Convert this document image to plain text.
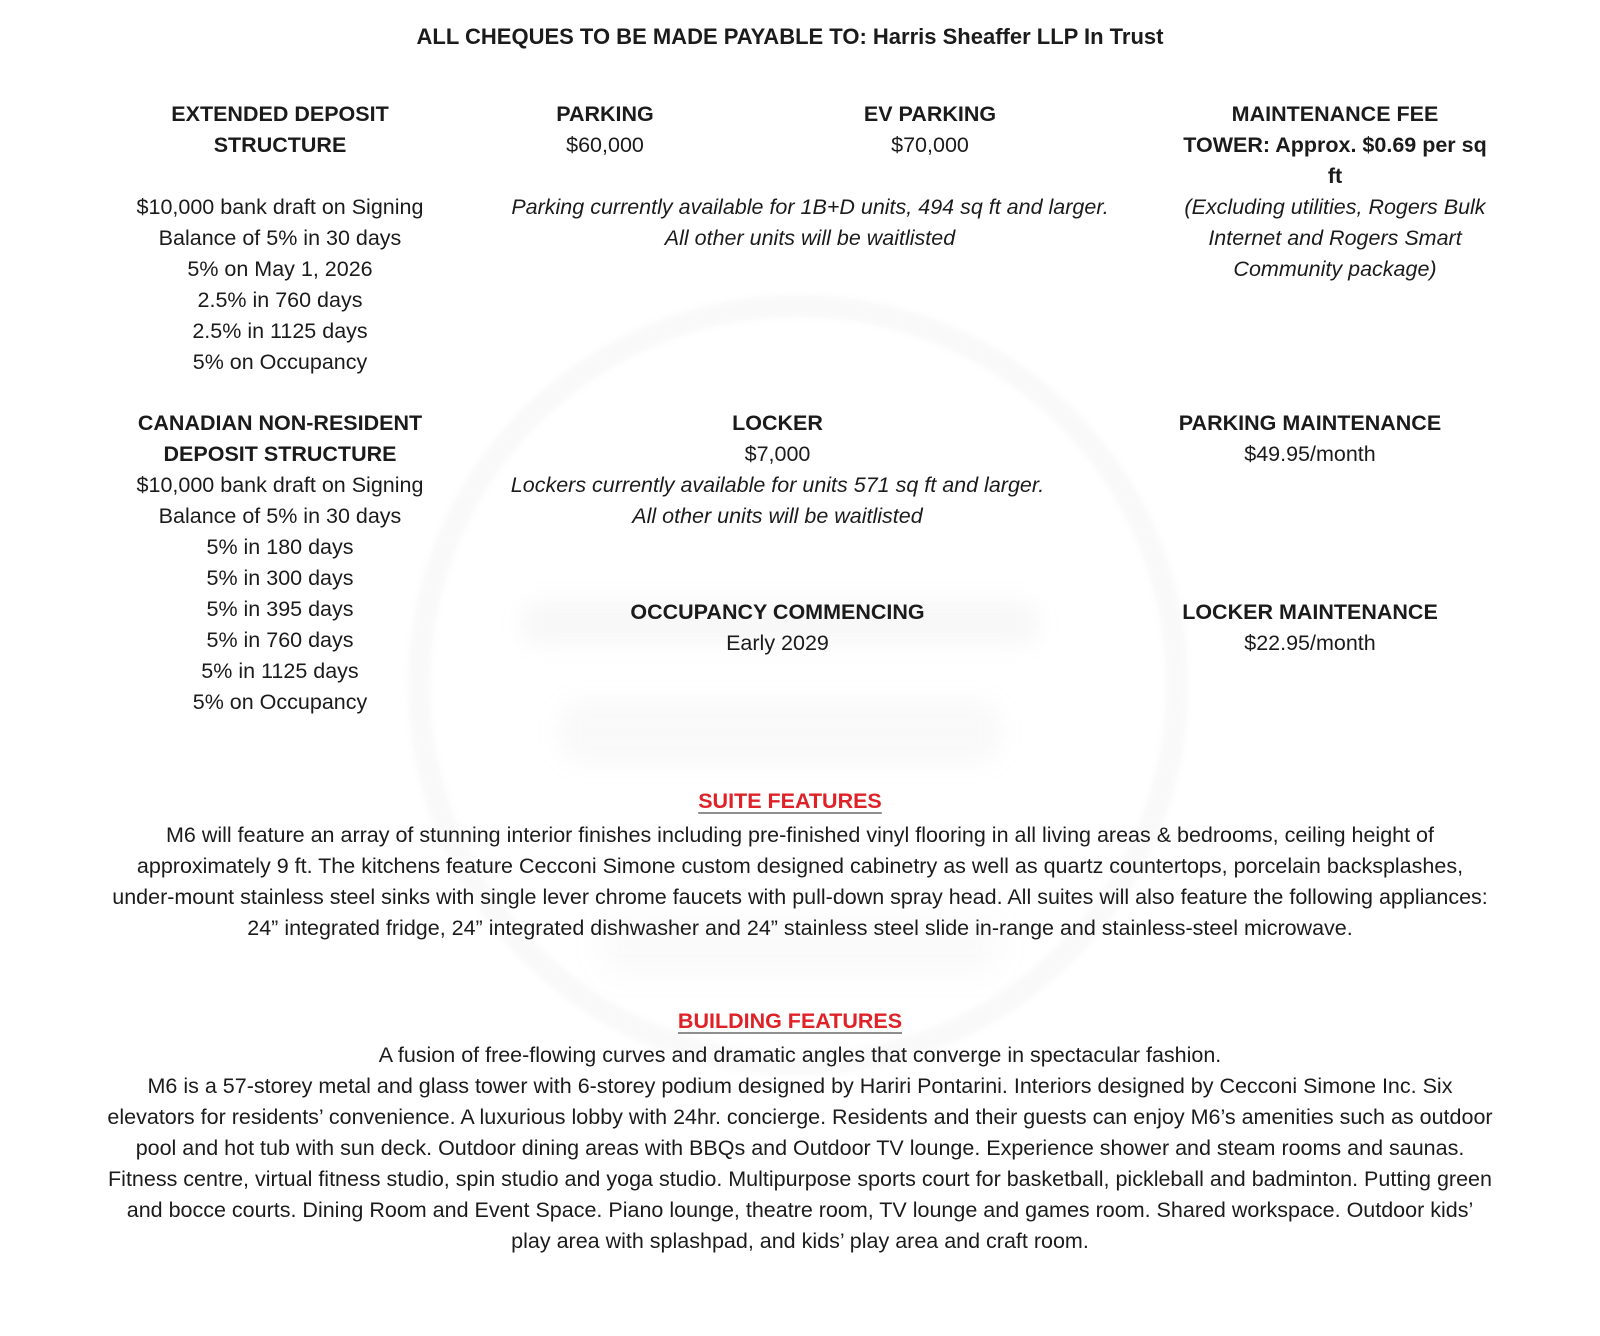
ALL CHEQUES TO BE MADE PAYABLE TO: Harris Sheaffer LLP In Trust
EXTENDED DEPOSIT
STRUCTURE
$10,000 bank draft on Signing
Balance of 5% in 30 days
5% on May 1, 2026
2.5% in 760 days
2.5% in 1125 days
5% on Occupancy
PARKING
$60,000
EV PARKING
$70,000
Parking currently available for 1B+D units, 494 sq ft and larger.
All other units will be waitlisted
MAINTENANCE FEE
TOWER: Approx. $0.69 per sq ft
(Excluding utilities, Rogers Bulk Internet and Rogers Smart Community package)
CANADIAN NON-RESIDENT
DEPOSIT STRUCTURE
$10,000 bank draft on Signing
Balance of 5% in 30 days
5% in 180 days
5% in 300 days
5% in 395 days
5% in 760 days
5% in 1125 days
5% on Occupancy
LOCKER
$7,000
Lockers currently available for units 571 sq ft and larger.
All other units will be waitlisted
OCCUPANCY COMMENCING
Early 2029
PARKING MAINTENANCE
$49.95/month
LOCKER MAINTENANCE
$22.95/month
SUITE FEATURES
M6 will feature an array of stunning interior finishes including pre-finished vinyl flooring in all living areas & bedrooms, ceiling height of approximately 9 ft. The kitchens feature Cecconi Simone custom designed cabinetry as well as quartz countertops, porcelain backsplashes, under-mount stainless steel sinks with single lever chrome faucets with pull-down spray head. All suites will also feature the following appliances: 24” integrated fridge, 24” integrated dishwasher and 24” stainless steel slide in-range and stainless-steel microwave.
BUILDING FEATURES
A fusion of free-flowing curves and dramatic angles that converge in spectacular fashion.
M6 is a 57-storey metal and glass tower with 6-storey podium designed by Hariri Pontarini. Interiors designed by Cecconi Simone Inc. Six elevators for residents’ convenience. A luxurious lobby with 24hr. concierge. Residents and their guests can enjoy M6’s amenities such as outdoor pool and hot tub with sun deck. Outdoor dining areas with BBQs and Outdoor TV lounge. Experience shower and steam rooms and saunas. Fitness centre, virtual fitness studio, spin studio and yoga studio. Multipurpose sports court for basketball, pickleball and badminton. Putting green and bocce courts. Dining Room and Event Space. Piano lounge, theatre room, TV lounge and games room. Shared workspace. Outdoor kids’ play area with splashpad, and kids’ play area and craft room.
